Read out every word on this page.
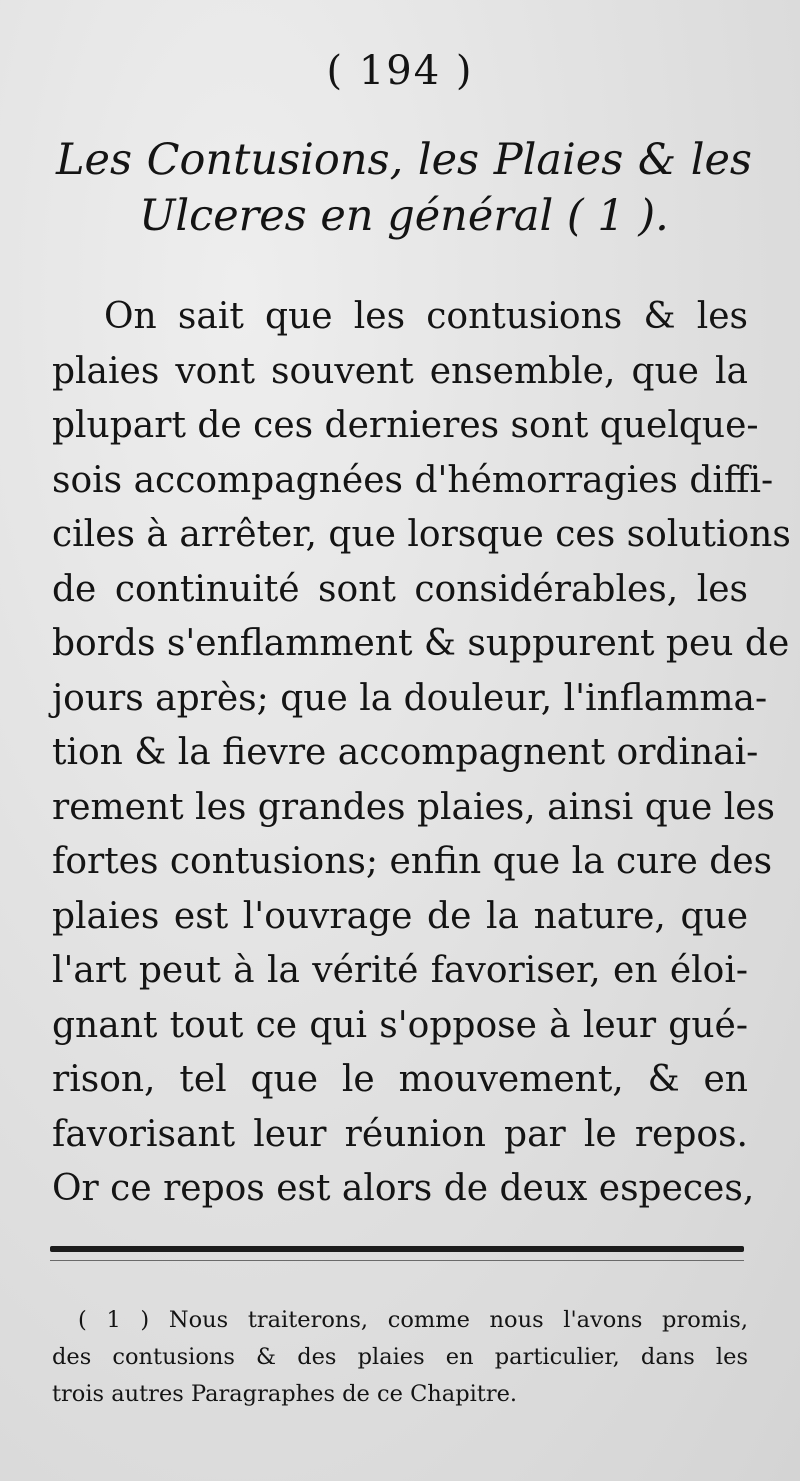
( 194 )
Les Contusions, les Plaies & les
Ulceres en général ( 1 ).
On sait que les contusions & les
plaies vont souvent ensemble, que la
plupart de ces dernieres sont quelque-
sois accompagnées d'hémorragies diffi-
ciles à arrêter, que lorsque ces solutions
de continuité sont considérables, les
bords s'enflamment & suppurent peu de
jours après; que la douleur, l'inflamma-
tion & la fievre accompagnent ordinai-
rement les grandes plaies, ainsi que les
fortes contusions; enfin que la cure des
plaies est l'ouvrage de la nature, que
l'art peut à la vérité favoriser, en éloi-
gnant tout ce qui s'oppose à leur gué-
rison, tel que le mouvement, & en
favorisant leur réunion par le repos.
Or ce repos est alors de deux especes,
( 1 ) Nous traiterons, comme nous l'avons promis,
des contusions & des plaies en particulier, dans les
trois autres Paragraphes de ce Chapitre.
